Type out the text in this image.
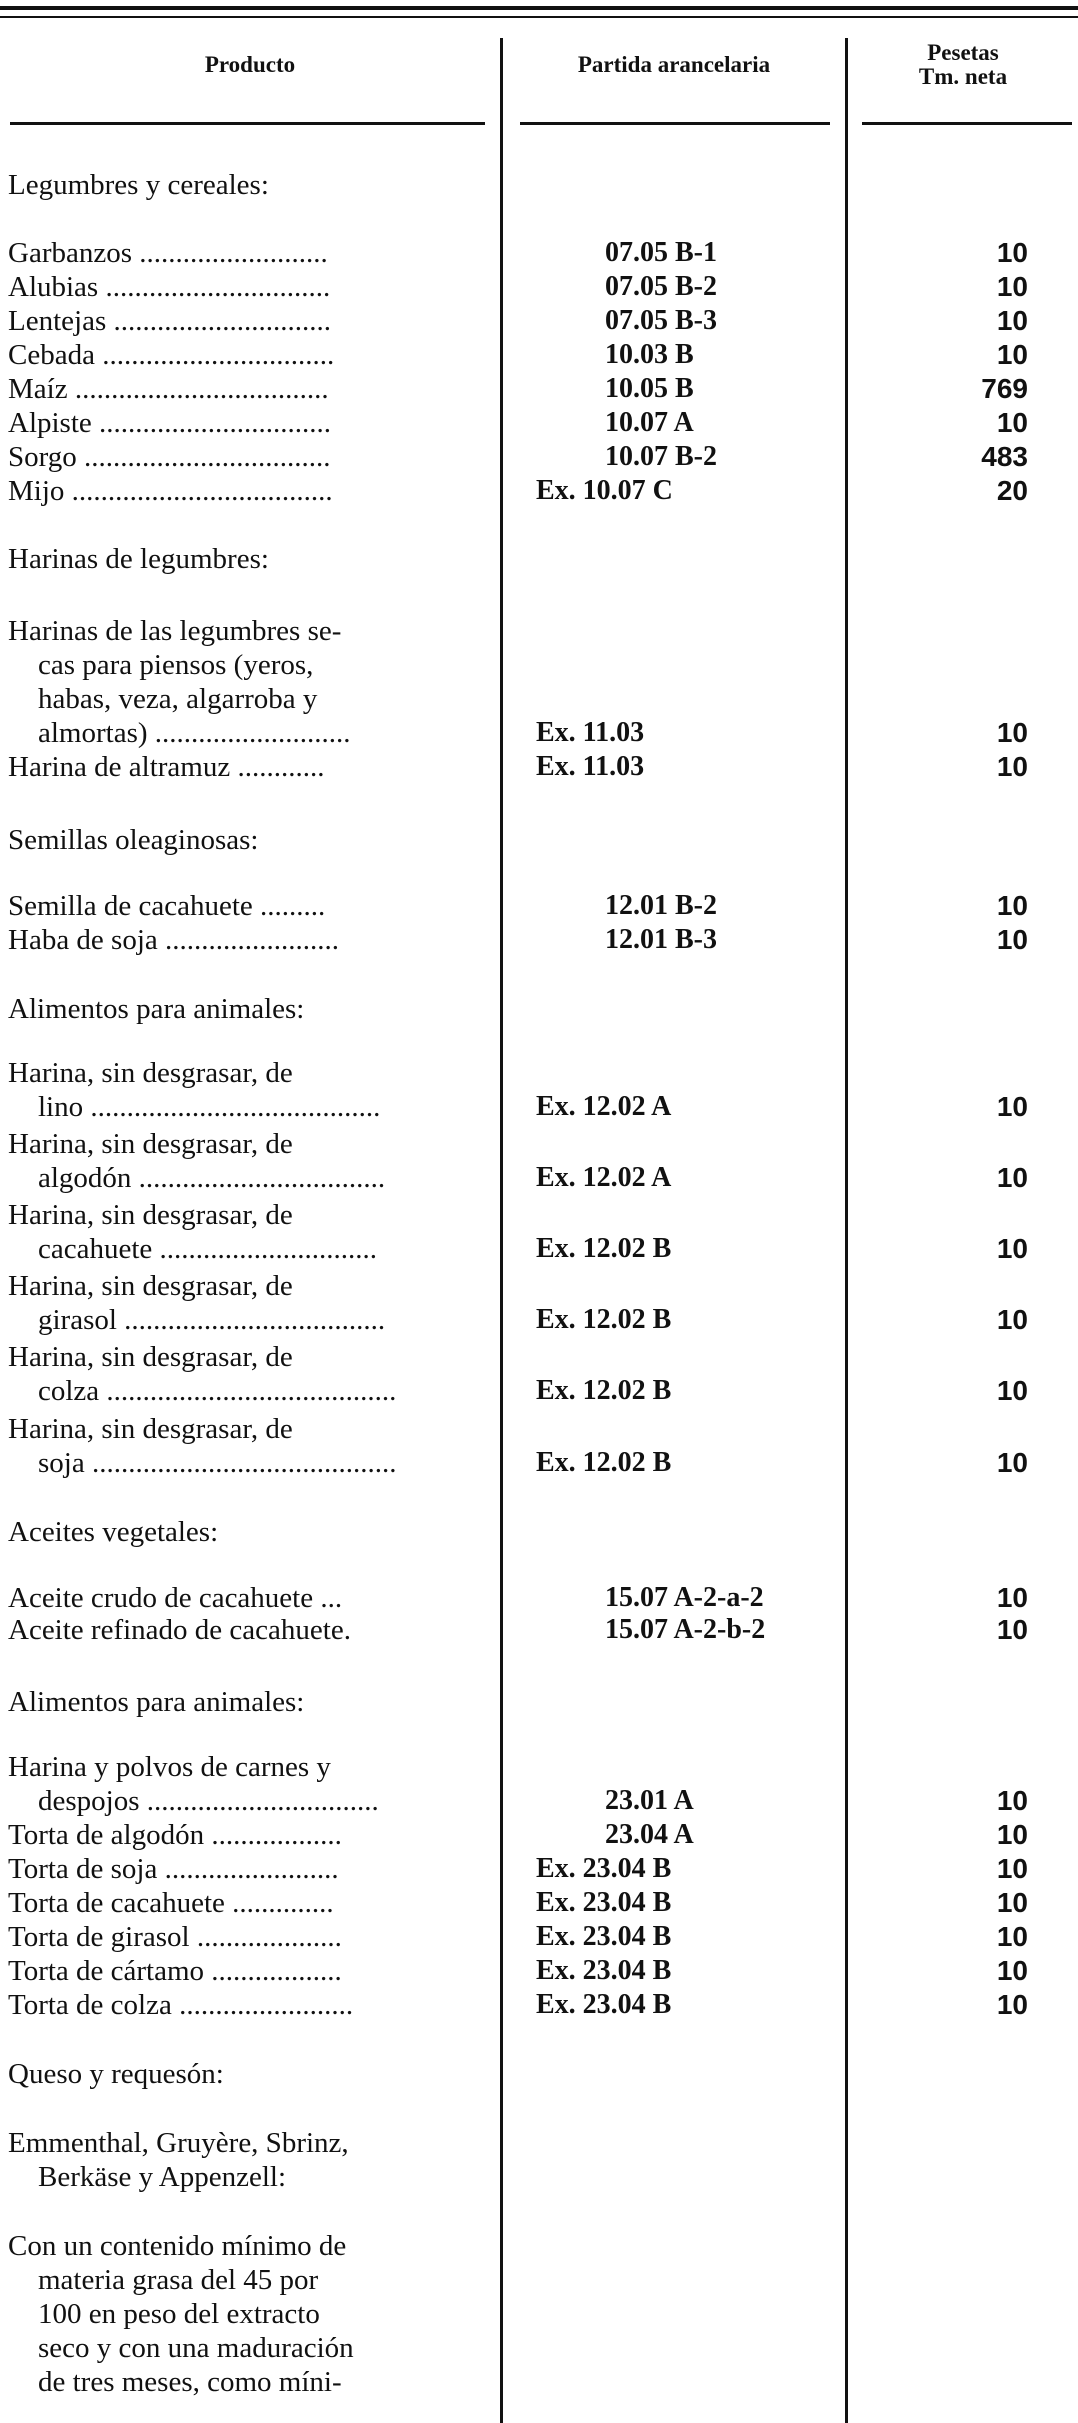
Producto	Partida arancelaria	Pesetas
Tm. neta
Legumbres y cereales:
Garbanzos ..........................	07.05 B-1	10
Alubias ...............................	07.05 B-2	10
Lentejas ..............................	07.05 B-3	10
Cebada ................................	10.03 B	10
Maíz ...................................	10.05 B	769
Alpiste ................................	10.07 A	10
Sorgo ..................................	10.07 B-2	483
Mijo ....................................	Ex. 10.07 C	20
Harinas de legumbres:
Harinas de las legumbres se-
cas para piensos (yeros,
habas, veza, algarroba y
almortas) ...........................	Ex. 11.03	10
Harina de altramuz ............	Ex. 11.03	10
Semillas oleaginosas:
Semilla de cacahuete .........	12.01 B-2	10
Haba de soja ........................	12.01 B-3	10
Alimentos para animales:
Harina, sin desgrasar, de
lino ........................................	Ex. 12.02 A	10
Harina, sin desgrasar, de
algodón ..................................	Ex. 12.02 A	10
Harina, sin desgrasar, de
cacahuete ..............................	Ex. 12.02 B	10
Harina, sin desgrasar, de
girasol ....................................	Ex. 12.02 B	10
Harina, sin desgrasar, de
colza ........................................	Ex. 12.02 B	10
Harina, sin desgrasar, de
soja ..........................................	Ex. 12.02 B	10
Aceites vegetales:
Aceite crudo de cacahuete ...	15.07 A-2-a-2	10
Aceite refinado de cacahuete.	15.07 A-2-b-2	10
Alimentos para animales:
Harina y polvos de carnes y
despojos ................................	23.01 A	10
Torta de algodón ..................	23.04 A	10
Torta de soja ........................	Ex. 23.04 B	10
Torta de cacahuete ..............	Ex. 23.04 B	10
Torta de girasol ....................	Ex. 23.04 B	10
Torta de cártamo ..................	Ex. 23.04 B	10
Torta de colza ........................	Ex. 23.04 B	10
Queso y requesón:
Emmenthal, Gruyère, Sbrinz,
Berkäse y Appenzell:
Con un contenido mínimo de
materia grasa del 45 por
100 en peso del extracto
seco y con una maduración
de tres meses, como míni-
